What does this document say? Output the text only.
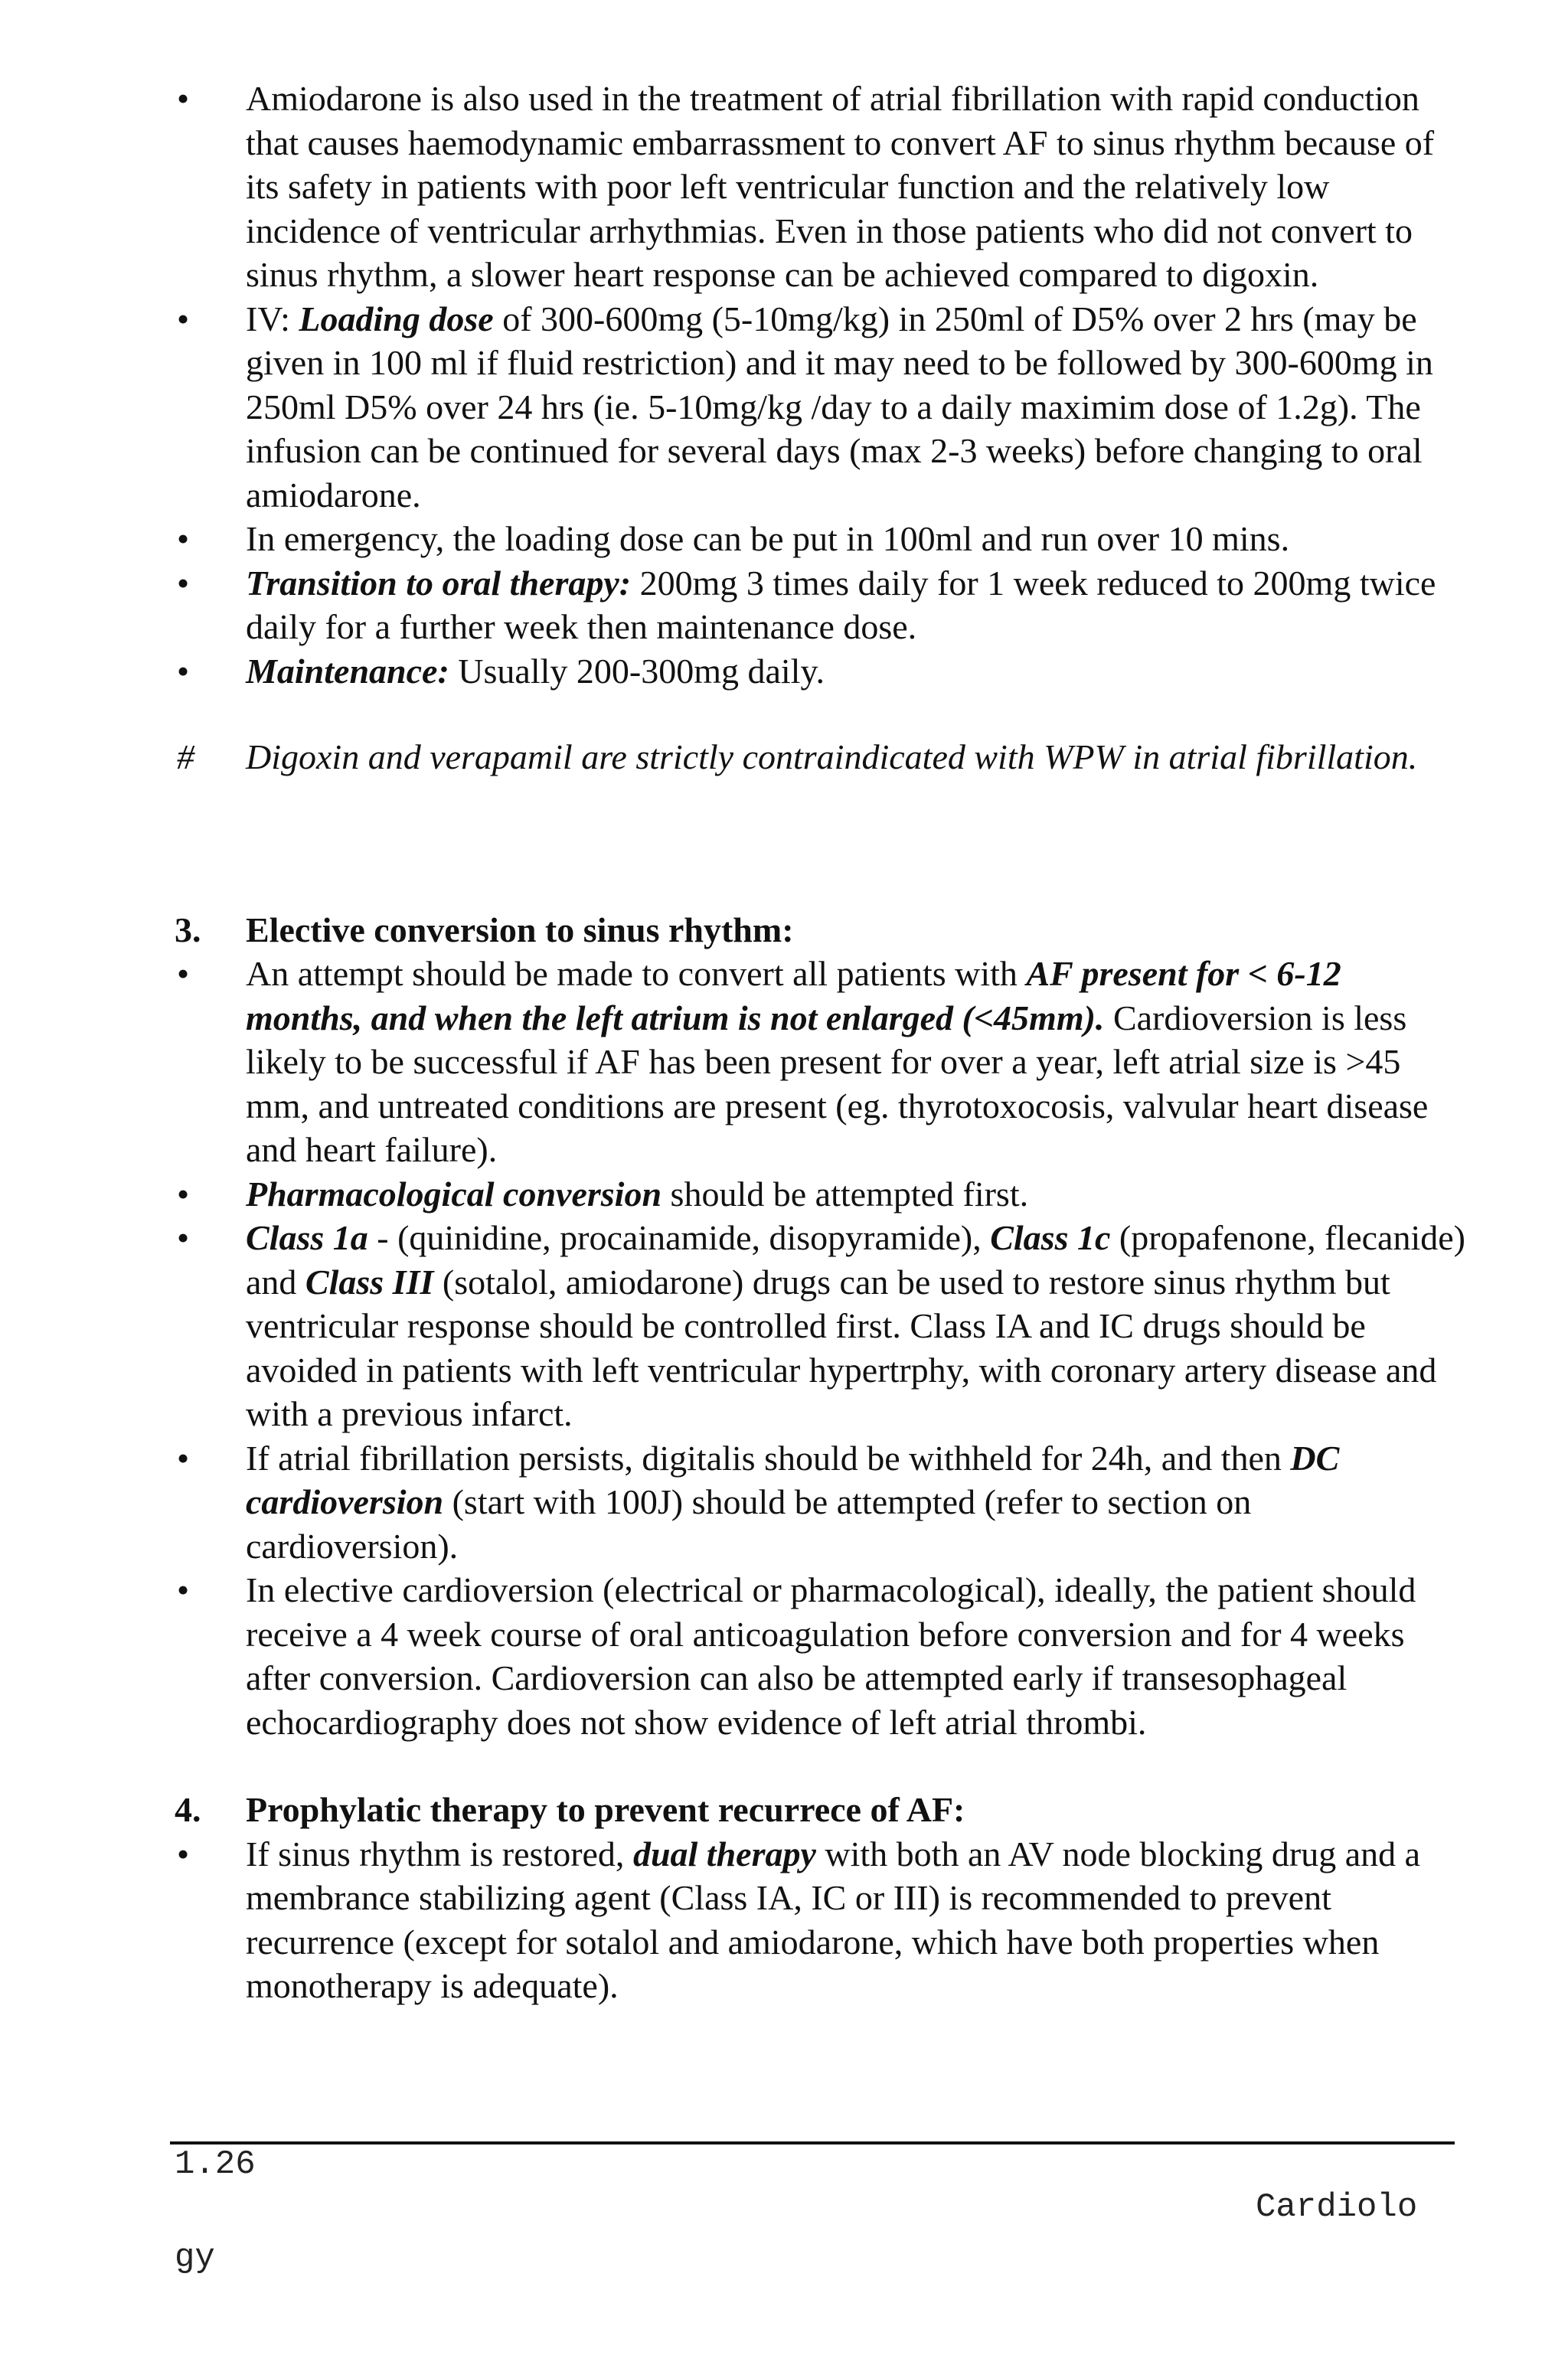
•	Amiodarone is also used in the treatment of atrial fibrillation with rapid conduction that causes haemodynamic embarrassment to convert AF to sinus rhythm because of its safety in patients with poor left ventricular function and the relatively low incidence of ventricular arrhythmias. Even in those patients who did not convert to sinus rhythm, a slower heart response can be achieved compared to digoxin.
•	IV: Loading dose of 300-600mg (5-10mg/kg) in 250ml of D5% over 2 hrs (may be given in 100 ml if fluid restriction) and it may need to be followed by 300-600mg in 250ml D5% over 24 hrs (ie. 5-10mg/kg /day to a daily maximim dose of 1.2g). The infusion can be continued for several days (max 2-3 weeks) before changing to oral amiodarone.
•	In emergency, the loading dose can be put in 100ml and run over 10 mins.
•	Transition to oral therapy: 200mg 3 times daily for 1 week reduced to 200mg twice daily for a further week then maintenance dose.
•	Maintenance: Usually 200-300mg daily.
#	Digoxin and verapamil are strictly contraindicated with WPW in atrial fibrillation.
3.	Elective conversion to sinus rhythm:
•	An attempt should be made to convert all patients with AF present for < 6-12 months, and when the left atrium is not enlarged (<45mm). Cardioversion is less likely to be successful if AF has been present for over a year, left atrial size is >45 mm, and untreated conditions are present (eg. thyrotoxocosis, valvular heart disease and heart failure).
•	Pharmacological conversion should be attempted first.
•	Class 1a - (quinidine, procainamide, disopyramide), Class 1c (propafenone, flecanide) and Class III (sotalol, amiodarone) drugs can be used to restore sinus rhythm but ventricular response should be controlled first. Class IA and IC drugs should be avoided in patients with left ventricular hypertrphy, with coronary artery disease and with a previous infarct.
•	If atrial fibrillation persists, digitalis should be withheld for 24h, and then DC cardioversion (start with 100J) should be attempted (refer to section on cardioversion).
•	In elective cardioversion (electrical or pharmacological), ideally, the patient should receive a 4 week course of oral anticoagulation before conversion and for 4 weeks after conversion. Cardioversion can also be attempted early if transesophageal echocardiography does not show evidence of left atrial thrombi.
4.	Prophylatic therapy to prevent recurrece of AF:
•	If sinus rhythm is restored, dual therapy with both an AV node blocking drug and a membrance stabilizing agent (Class IA, IC or III) is recommended to prevent recurrence (except for sotalol and amiodarone, which have both properties when monotherapy is adequate).
1.26
Cardiolo
gy
